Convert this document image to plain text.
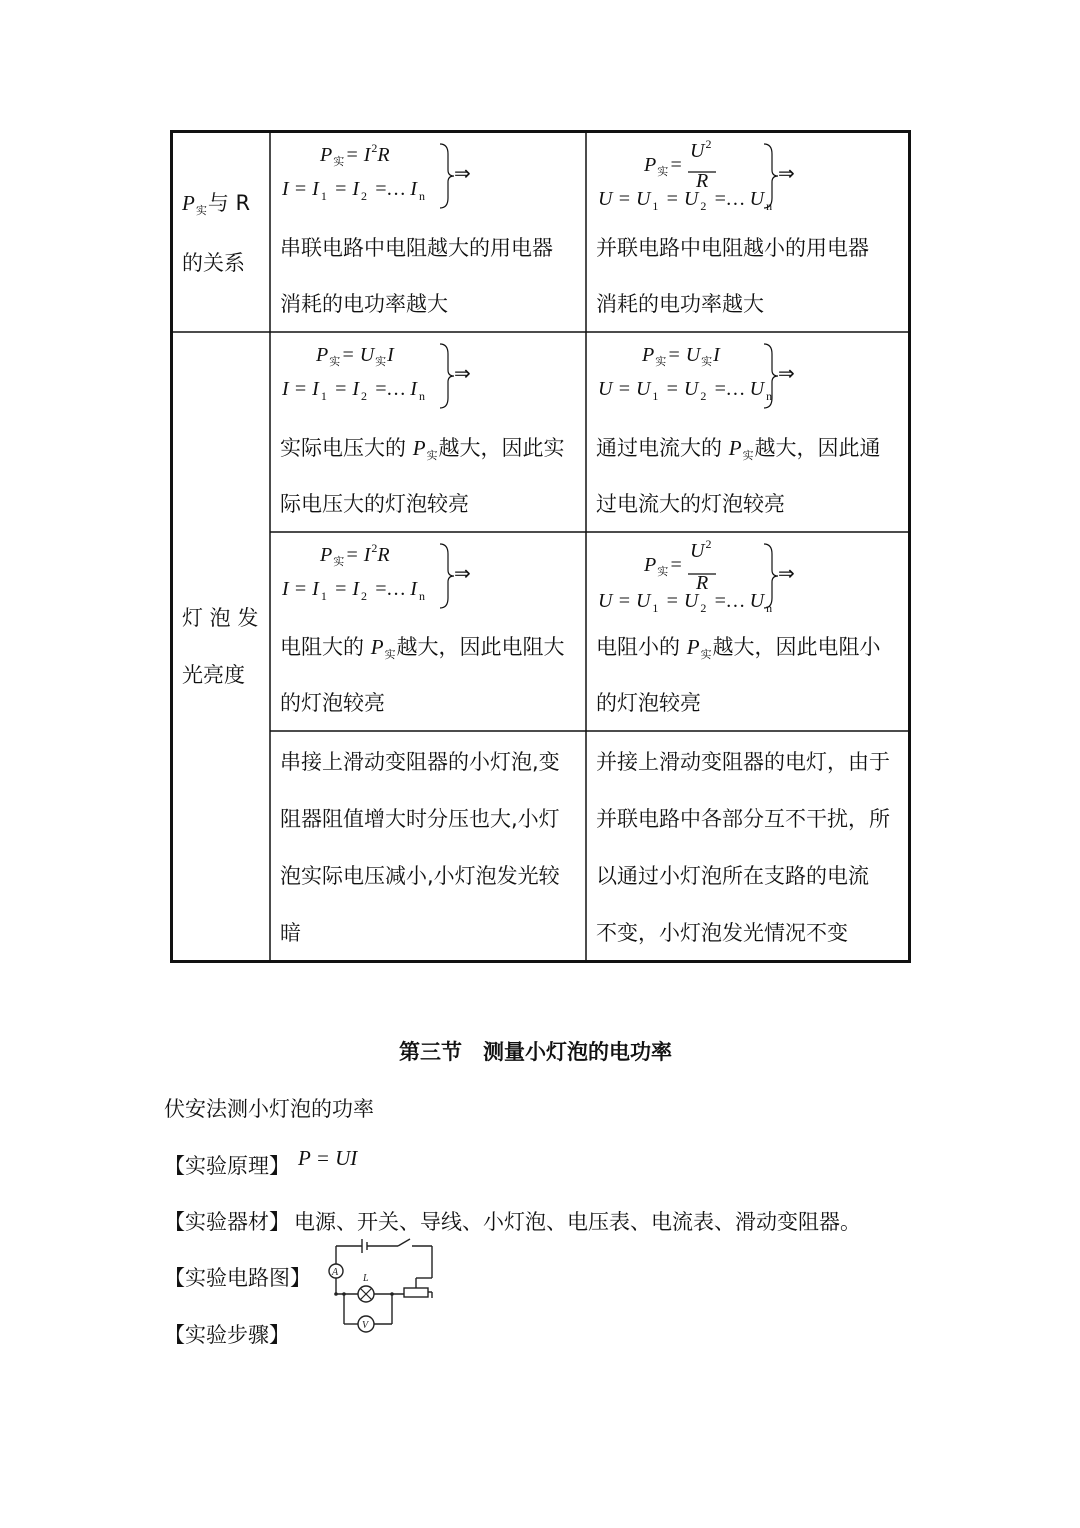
P实与 R
的关系
$P_实= I^2R$
I = I $_1$ = I $_2$ =… I $_n$
⇒
串联电路中电阻越大的用电器
消耗的电功率越大
$P_实=$
$U^2$
R
U = U $_1$ = U $_2$ =… U $_n$
⇒
并联电路中电阻越小的用电器
消耗的电功率越大
灯 泡 发
光亮度
$P_实= U_实I$
I = I $_1$ = I $_2$ =… I $_n$
⇒
实际电压大的 P实越大，因此实
际电压大的灯泡较亮
$P_实= U_实I$
U = U $_1$ = U $_2$ =… U $_n$
⇒
通过电流大的 P实越大，因此通
过电流大的灯泡较亮
$P_实= I^2R$
I = I $_1$ = I $_2$ =… I $_n$
⇒
电阻大的 P实越大，因此电阻大
的灯泡较亮
$P_实=$
$U^2$
R
U = U $_1$ = U $_2$ =… U $_n$
⇒
电阻小的 P实越大，因此电阻小
的灯泡较亮
串接上滑动变阻器的小灯泡,变
阻器阻值增大时分压也大,小灯
泡实际电压减小,小灯泡发光较
暗
并接上滑动变阻器的电灯，由于
并联电路中各部分互不干扰，所
以通过小灯泡所在支路的电流
不变，小灯泡发光情况不变
第三节　测量小灯泡的电功率
伏安法测小灯泡的功率
【实验原理】 P = UI
【实验器材】 电源、开关、导线、小灯泡、电压表、电流表、滑动变阻器。
【实验电路图】
【实验步骤】
A
L
V
